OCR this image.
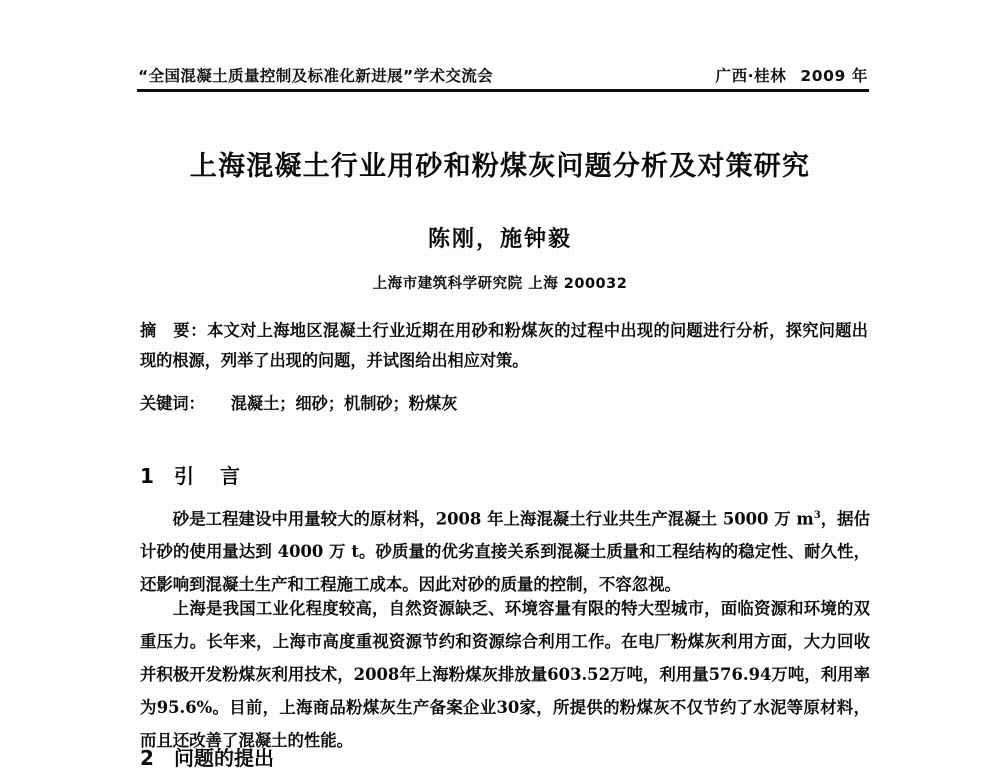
“全国混凝土质量控制及标准化新进展”学术交流会	广西·桂林 2009 年
上海混凝土行业用砂和粉煤灰问题分析及对策研究
陈刚，施钟毅
上海市建筑科学研究院 上海 200032
摘 要：本文对上海地区混凝土行业近期在用砂和粉煤灰的过程中出现的问题进行分析，探究问题出现的根源，列举了出现的问题，并试图给出相应对策。
关键词： 混凝土；细砂；机制砂；粉煤灰
1 引 言
砂是工程建设中用量较大的原材料，2008 年上海混凝土行业共生产混凝土 5000 万 $m^3$，据估计砂的使用量达到 4000 万 t。砂质量的优劣直接关系到混凝土质量和工程结构的稳定性、耐久性，还影响到混凝土生产和工程施工成本。因此对砂的质量的控制，不容忽视。
上海是我国工业化程度较高，自然资源缺乏、环境容量有限的特大型城市，面临资源和环境的双重压力。长年来，上海市高度重视资源节约和资源综合利用工作。在电厂粉煤灰利用方面，大力回收并积极开发粉煤灰利用技术，2008年上海粉煤灰排放量603.52万吨，利用量576.94万吨，利用率为95.6%。目前，上海商品粉煤灰生产备案企业30家，所提供的粉煤灰不仅节约了水泥等原材料，而且还改善了混凝土的性能。
2 问题的提出
